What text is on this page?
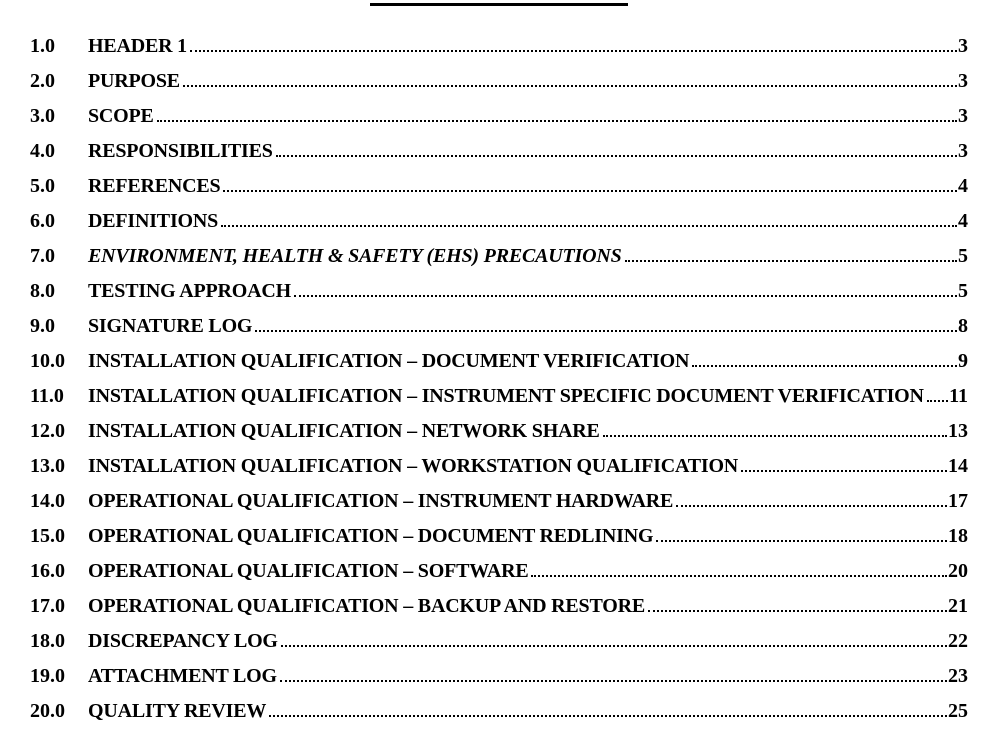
1.0	HEADER 1	3
2.0	PURPOSE	3
3.0	SCOPE	3
4.0	RESPONSIBILITIES	3
5.0	REFERENCES	4
6.0	DEFINITIONS	4
7.0	ENVIRONMENT, HEALTH & SAFETY (EHS) PRECAUTIONS	5
8.0	TESTING APPROACH	5
9.0	SIGNATURE LOG	8
10.0	INSTALLATION QUALIFICATION – DOCUMENT VERIFICATION	9
11.0	INSTALLATION QUALIFICATION – INSTRUMENT SPECIFIC DOCUMENT VERIFICATION 11
12.0	INSTALLATION QUALIFICATION – NETWORK SHARE	13
13.0	INSTALLATION QUALIFICATION – WORKSTATION QUALIFICATION	14
14.0	OPERATIONAL QUALIFICATION – INSTRUMENT HARDWARE	17
15.0	OPERATIONAL QUALIFICATION – DOCUMENT REDLINING	18
16.0	OPERATIONAL QUALIFICATION – SOFTWARE	20
17.0	OPERATIONAL QUALIFICATION – BACKUP AND RESTORE	21
18.0	DISCREPANCY LOG	22
19.0	ATTACHMENT LOG	23
20.0	QUALITY REVIEW	25
